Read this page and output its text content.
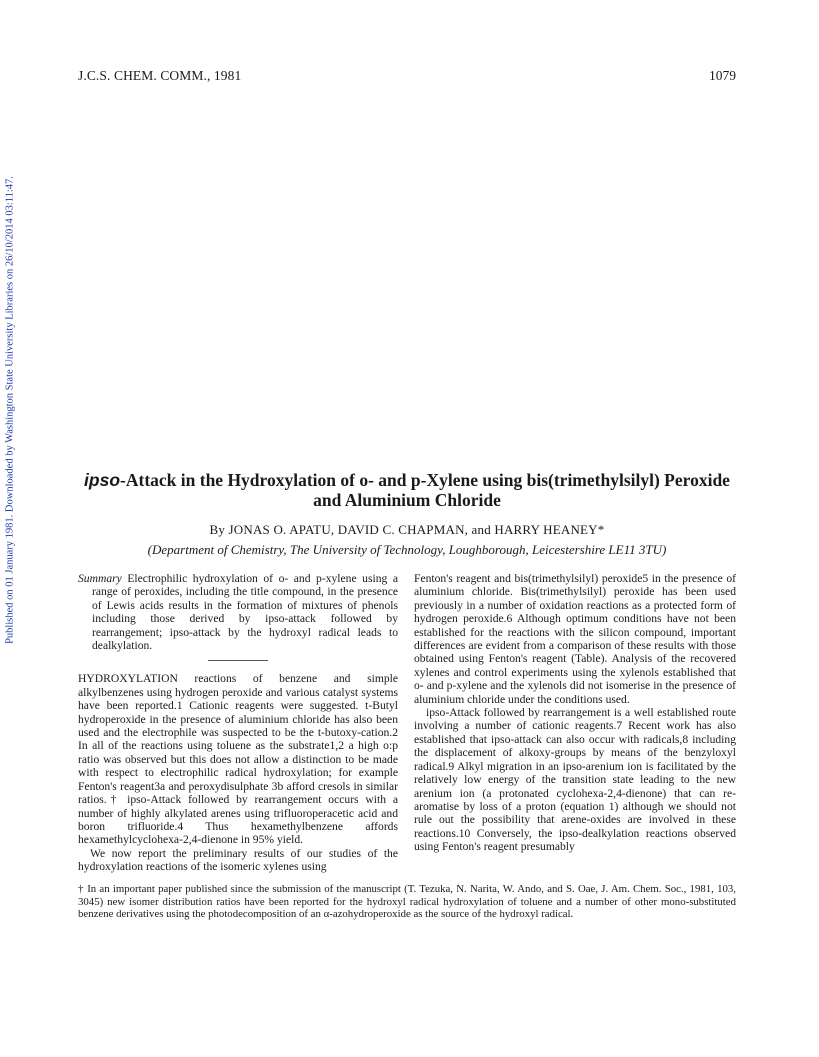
Published on 01 January 1981. Downloaded by Washington State University Libraries on 26/10/2014 03:11:47.
J.C.S. CHEM. COMM., 1981	1079
ipso-Attack in the Hydroxylation of o- and p-Xylene using bis(trimethylsilyl) Peroxide and Aluminium Chloride
By JONAS O. APATU, DAVID C. CHAPMAN, and HARRY HEANEY*
(Department of Chemistry, The University of Technology, Loughborough, Leicestershire LE11 3TU)

Summary Electrophilic hydroxylation of o- and p-xylene using a range of peroxides, including the title compound, in the presence of Lewis acids results in the formation of mixtures of phenols including those derived by ipso-attack followed by rearrangement; ipso-attack by the hydroxyl radical leads to dealkylation.

HYDROXYLATION reactions of benzene and simple alkylbenzenes using hydrogen peroxide and various catalyst systems have been reported.1 Cationic reagents were suggested. t-Butyl hydroperoxide in the presence of aluminium chloride has also been used and the electrophile was suspected to be the t-butoxy-cation.2 In all of the reactions using toluene as the substrate1,2 a high o:p ratio was observed but this does not allow a distinction to be made with respect to electrophilic radical hydroxylation; for example Fenton's reagent3a and peroxydisulphate 3b afford cresols in similar ratios.† ipso-Attack followed by rearrangement occurs with a number of highly alkylated arenes using trifluoroperacetic acid and boron trifluoride.4 Thus hexamethylbenzene affords hexamethylcyclohexa-2,4-dienone in 95% yield.

We now report the preliminary results of our studies of the hydroxylation reactions of the isomeric xylenes using

Fenton's reagent and bis(trimethylsilyl) peroxide5 in the presence of aluminium chloride. Bis(trimethylsilyl) peroxide has been used previously in a number of oxidation reactions as a protected form of hydrogen peroxide.6 Although optimum conditions have not been established for the reactions with the silicon compound, important differences are evident from a comparison of these results with those obtained using Fenton's reagent (Table). Analysis of the recovered xylenes and control experiments using the xylenols established that o- and p-xylene and the xylenols did not isomerise in the presence of aluminium chloride under the conditions used.

ipso-Attack followed by rearrangement is a well established route involving a number of cationic reagents.7 Recent work has also established that ipso-attack can also occur with radicals,8 including the displacement of alkoxy-groups by means of the benzyloxyl radical.9 Alkyl migration in an ipso-arenium ion is facilitated by the relatively low energy of the transition state leading to the new arenium ion (a protonated cyclohexa-2,4-dienone) that can re-aromatise by loss of a proton (equation 1) although we should not rule out the possibility that arene-oxides are involved in these reactions.10 Conversely, the ipso-dealkylation reactions observed using Fenton's reagent presumably

† In an important paper published since the submission of the manuscript (T. Tezuka, N. Narita, W. Ando, and S. Oae, J. Am. Chem. Soc., 1981, 103, 3045) new isomer distribution ratios have been reported for the hydroxyl radical hydroxylation of toluene and a number of other mono-substituted benzene derivatives using the photodecomposition of an α-azohydroperoxide as the source of the hydroxyl radical.
